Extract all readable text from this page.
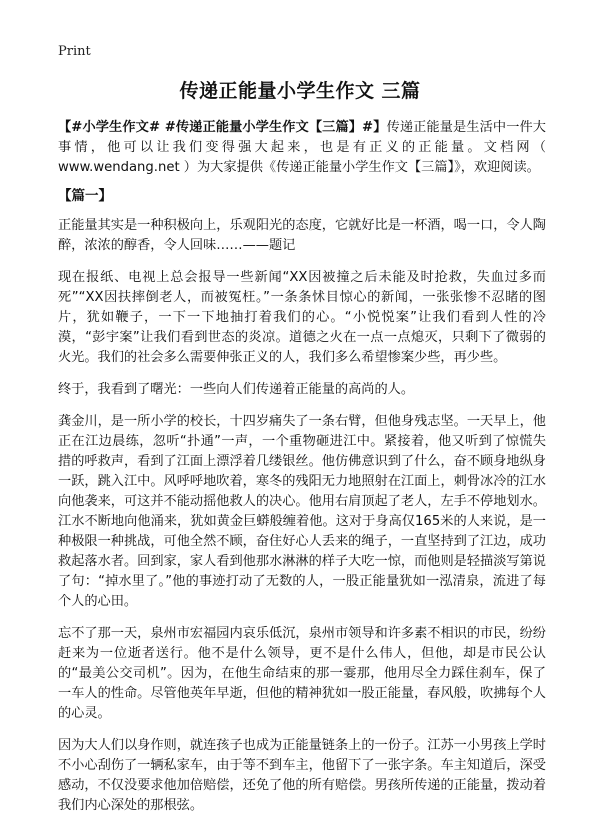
Print
传递正能量小学生作文 三篇

【#小学生作文# #传递正能量小学生作文【三篇】#】传递正能量是生活中一件大事情，他可以让我们变得强大起来，也是有正义的正能量。文档网（ www.wendang.net ）为大家提供《传递正能量小学生作文【三篇】》，欢迎阅读。

【篇一】

正能量其实是一种积极向上，乐观阳光的态度，它就好比是一杯酒，喝一口，令人陶醉，浓浓的醇香，令人回味……——题记

现在报纸、电视上总会报导一些新闻“XX因被撞之后未能及时抢救，失血过多而死”“XX因扶摔倒老人，而被冤枉。”一条条怵目惊心的新闻，一张张惨不忍睹的图片，犹如鞭子，一下一下地抽打着我们的心。“小悦悦案”让我们看到人性的冷漠，“彭宇案”让我们看到世态的炎凉。道德之火在一点一点熄灭，只剩下了微弱的火光。我们的社会多么需要伸张正义的人，我们多么希望惨案少些，再少些。

终于，我看到了曙光：一些向人们传递着正能量的高尚的人。

龚金川，是一所小学的校长，十四岁痛失了一条右臂，但他身残志坚。一天早上，他正在江边晨练，忽听“扑通”一声，一个重物砸进江中。紧接着，他又听到了惊慌失措的呼救声，看到了江面上漂浮着几缕银丝。他仿佛意识到了什么，奋不顾身地纵身一跃，跳入江中。风呼呼地吹着，寒冬的残阳无力地照射在江面上，刺骨冰冷的江水向他袭来，可这并不能动摇他救人的决心。他用右肩顶起了老人，左手不停地划水。江水不断地向他涌来，犹如黄金巨蟒般缠着他。这对于身高仅165米的人来说，是一种极限一种挑战，可他全然不顾，奋住好心人丢来的绳子，一直坚持到了江边，成功救起落水者。回到家，家人看到他那水淋淋的样子大吃一惊，而他则是轻描淡写第说了句：“掉水里了。”他的事迹打动了无数的人，一股正能量犹如一泓清泉，流进了每个人的心田。

忘不了那一天，泉州市宏福园内哀乐低沉，泉州市领导和许多素不相识的市民，纷纷赶来为一位逝者送行。他不是什么领导，更不是什么伟人，但他，却是市民公认的“最美公交司机”。因为，在他生命结束的那一霎那，他用尽全力踩住刹车，保了一车人的性命。尽管他英年早逝，但他的精神犹如一股正能量，春风般，吹拂每个人的心灵。

因为大人们以身作则，就连孩子也成为正能量链条上的一份子。江苏一小男孩上学时不小心刮伤了一辆私家车，由于等不到车主，他留下了一张字条。车主知道后，深受感动，不仅没要求他加倍赔偿，还免了他的所有赔偿。男孩所传递的正能量，拨动着我们内心深处的那根弦。
